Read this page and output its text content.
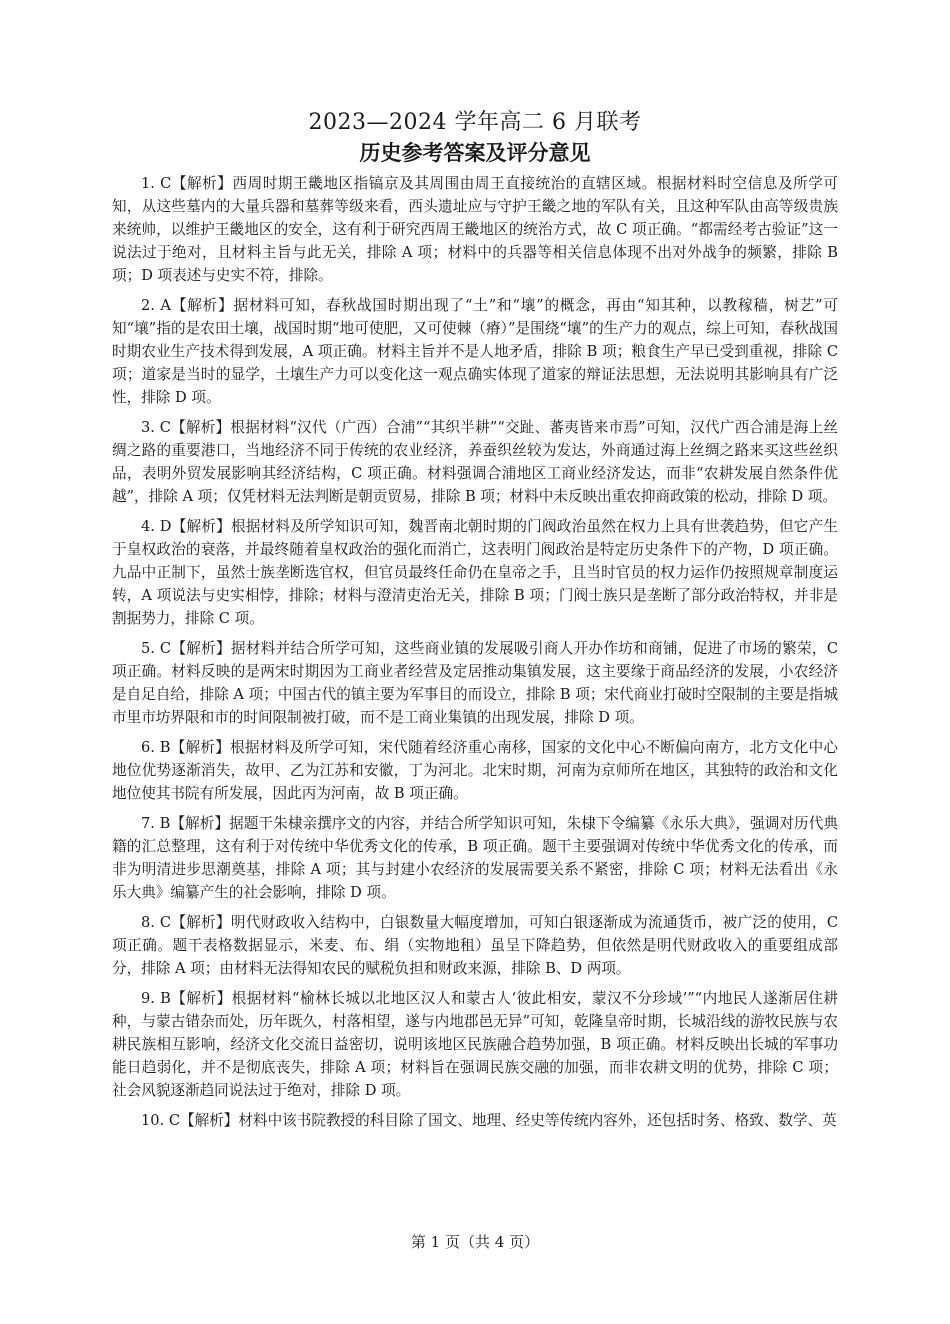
2023—2024 学年高二 6 月联考
历史参考答案及评分意见

1. C【解析】西周时期王畿地区指镐京及其周围由周王直接统治的直辖区域。根据材料时空信息及所学可知，从这些墓内的大量兵器和墓葬等级来看，西头遗址应与守护王畿之地的军队有关，且这种军队由高等级贵族来统帅，以维护王畿地区的安全，这有利于研究西周王畿地区的统治方式，故 C 项正确。“都需经考古验证”这一说法过于绝对，且材料主旨与此无关，排除 A 项；材料中的兵器等相关信息体现不出对外战争的频繁，排除 B 项；D 项表述与史实不符，排除。

2. A【解析】据材料可知，春秋战国时期出现了“土”和“壤”的概念，再由“知其种，以教稼穑，树艺”可知“壤”指的是农田土壤，战国时期“地可使肥，又可使棘（瘠）”是围绕“壤”的生产力的观点，综上可知，春秋战国时期农业生产技术得到发展，A 项正确。材料主旨并不是人地矛盾，排除 B 项；粮食生产早已受到重视，排除 C 项；道家是当时的显学，土壤生产力可以变化这一观点确实体现了道家的辩证法思想，无法说明其影响具有广泛性，排除 D 项。

3. C【解析】根据材料“汉代（广西）合浦”“其织半耕”“交趾、蕃夷皆来市焉”可知，汉代广西合浦是海上丝绸之路的重要港口，当地经济不同于传统的农业经济，养蚕织丝较为发达，外商通过海上丝绸之路来买这些丝织品，表明外贸发展影响其经济结构，C 项正确。材料强调合浦地区工商业经济发达，而非“农耕发展自然条件优越”，排除 A 项；仅凭材料无法判断是朝贡贸易，排除 B 项；材料中未反映出重农抑商政策的松动，排除 D 项。

4. D【解析】根据材料及所学知识可知，魏晋南北朝时期的门阀政治虽然在权力上具有世袭趋势，但它产生于皇权政治的衰落，并最终随着皇权政治的强化而消亡，这表明门阀政治是特定历史条件下的产物，D 项正确。九品中正制下，虽然士族垄断选官权，但官员最终任命仍在皇帝之手，且当时官员的权力运作仍按照规章制度运转，A 项说法与史实相悖，排除；材料与澄清吏治无关，排除 B 项；门阀士族只是垄断了部分政治特权，并非是割据势力，排除 C 项。

5. C【解析】据材料并结合所学可知，这些商业镇的发展吸引商人开办作坊和商铺，促进了市场的繁荣，C 项正确。材料反映的是两宋时期因为工商业者经营及定居推动集镇发展，这主要缘于商品经济的发展，小农经济是自足自给，排除 A 项；中国古代的镇主要为军事目的而设立，排除 B 项；宋代商业打破时空限制的主要是指城市里市坊界限和市的时间限制被打破，而不是工商业集镇的出现发展，排除 D 项。

6. B【解析】根据材料及所学可知，宋代随着经济重心南移，国家的文化中心不断偏向南方，北方文化中心地位优势逐渐消失，故甲、乙为江苏和安徽，丁为河北。北宋时期，河南为京师所在地区，其独特的政治和文化地位使其书院有所发展，因此丙为河南，故 B 项正确。

7. B【解析】据题干朱棣亲撰序文的内容，并结合所学知识可知，朱棣下令编纂《永乐大典》，强调对历代典籍的汇总整理，这有利于对传统中华优秀文化的传承，B 项正确。题干主要强调对传统中华优秀文化的传承，而非为明清进步思潮奠基，排除 A 项；其与封建小农经济的发展需要关系不紧密，排除 C 项；材料无法看出《永乐大典》编纂产生的社会影响，排除 D 项。

8. C【解析】明代财政收入结构中，白银数量大幅度增加，可知白银逐渐成为流通货币，被广泛的使用，C 项正确。题干表格数据显示，米麦、布、绢（实物地租）虽呈下降趋势，但依然是明代财政收入的重要组成部分，排除 A 项；由材料无法得知农民的赋税负担和财政来源，排除 B、D 两项。

9. B【解析】根据材料“榆林长城以北地区汉人和蒙古人‘彼此相安，蒙汉不分珍域’”“内地民人遂渐居住耕种，与蒙古错杂而处，历年既久，村落相望，遂与内地郡邑无异”可知，乾隆皇帝时期，长城沿线的游牧民族与农耕民族相互影响，经济文化交流日益密切，说明该地区民族融合趋势加强，B 项正确。材料反映出长城的军事功能日趋弱化，并不是彻底丧失，排除 A 项；材料旨在强调民族交融的加强，而非农耕文明的优势，排除 C 项；社会风貌逐渐趋同说法过于绝对，排除 D 项。

10. C【解析】材料中该书院教授的科目除了国文、地理、经史等传统内容外，还包括时务、格致、数学、英

第 1 页（共 4 页）
